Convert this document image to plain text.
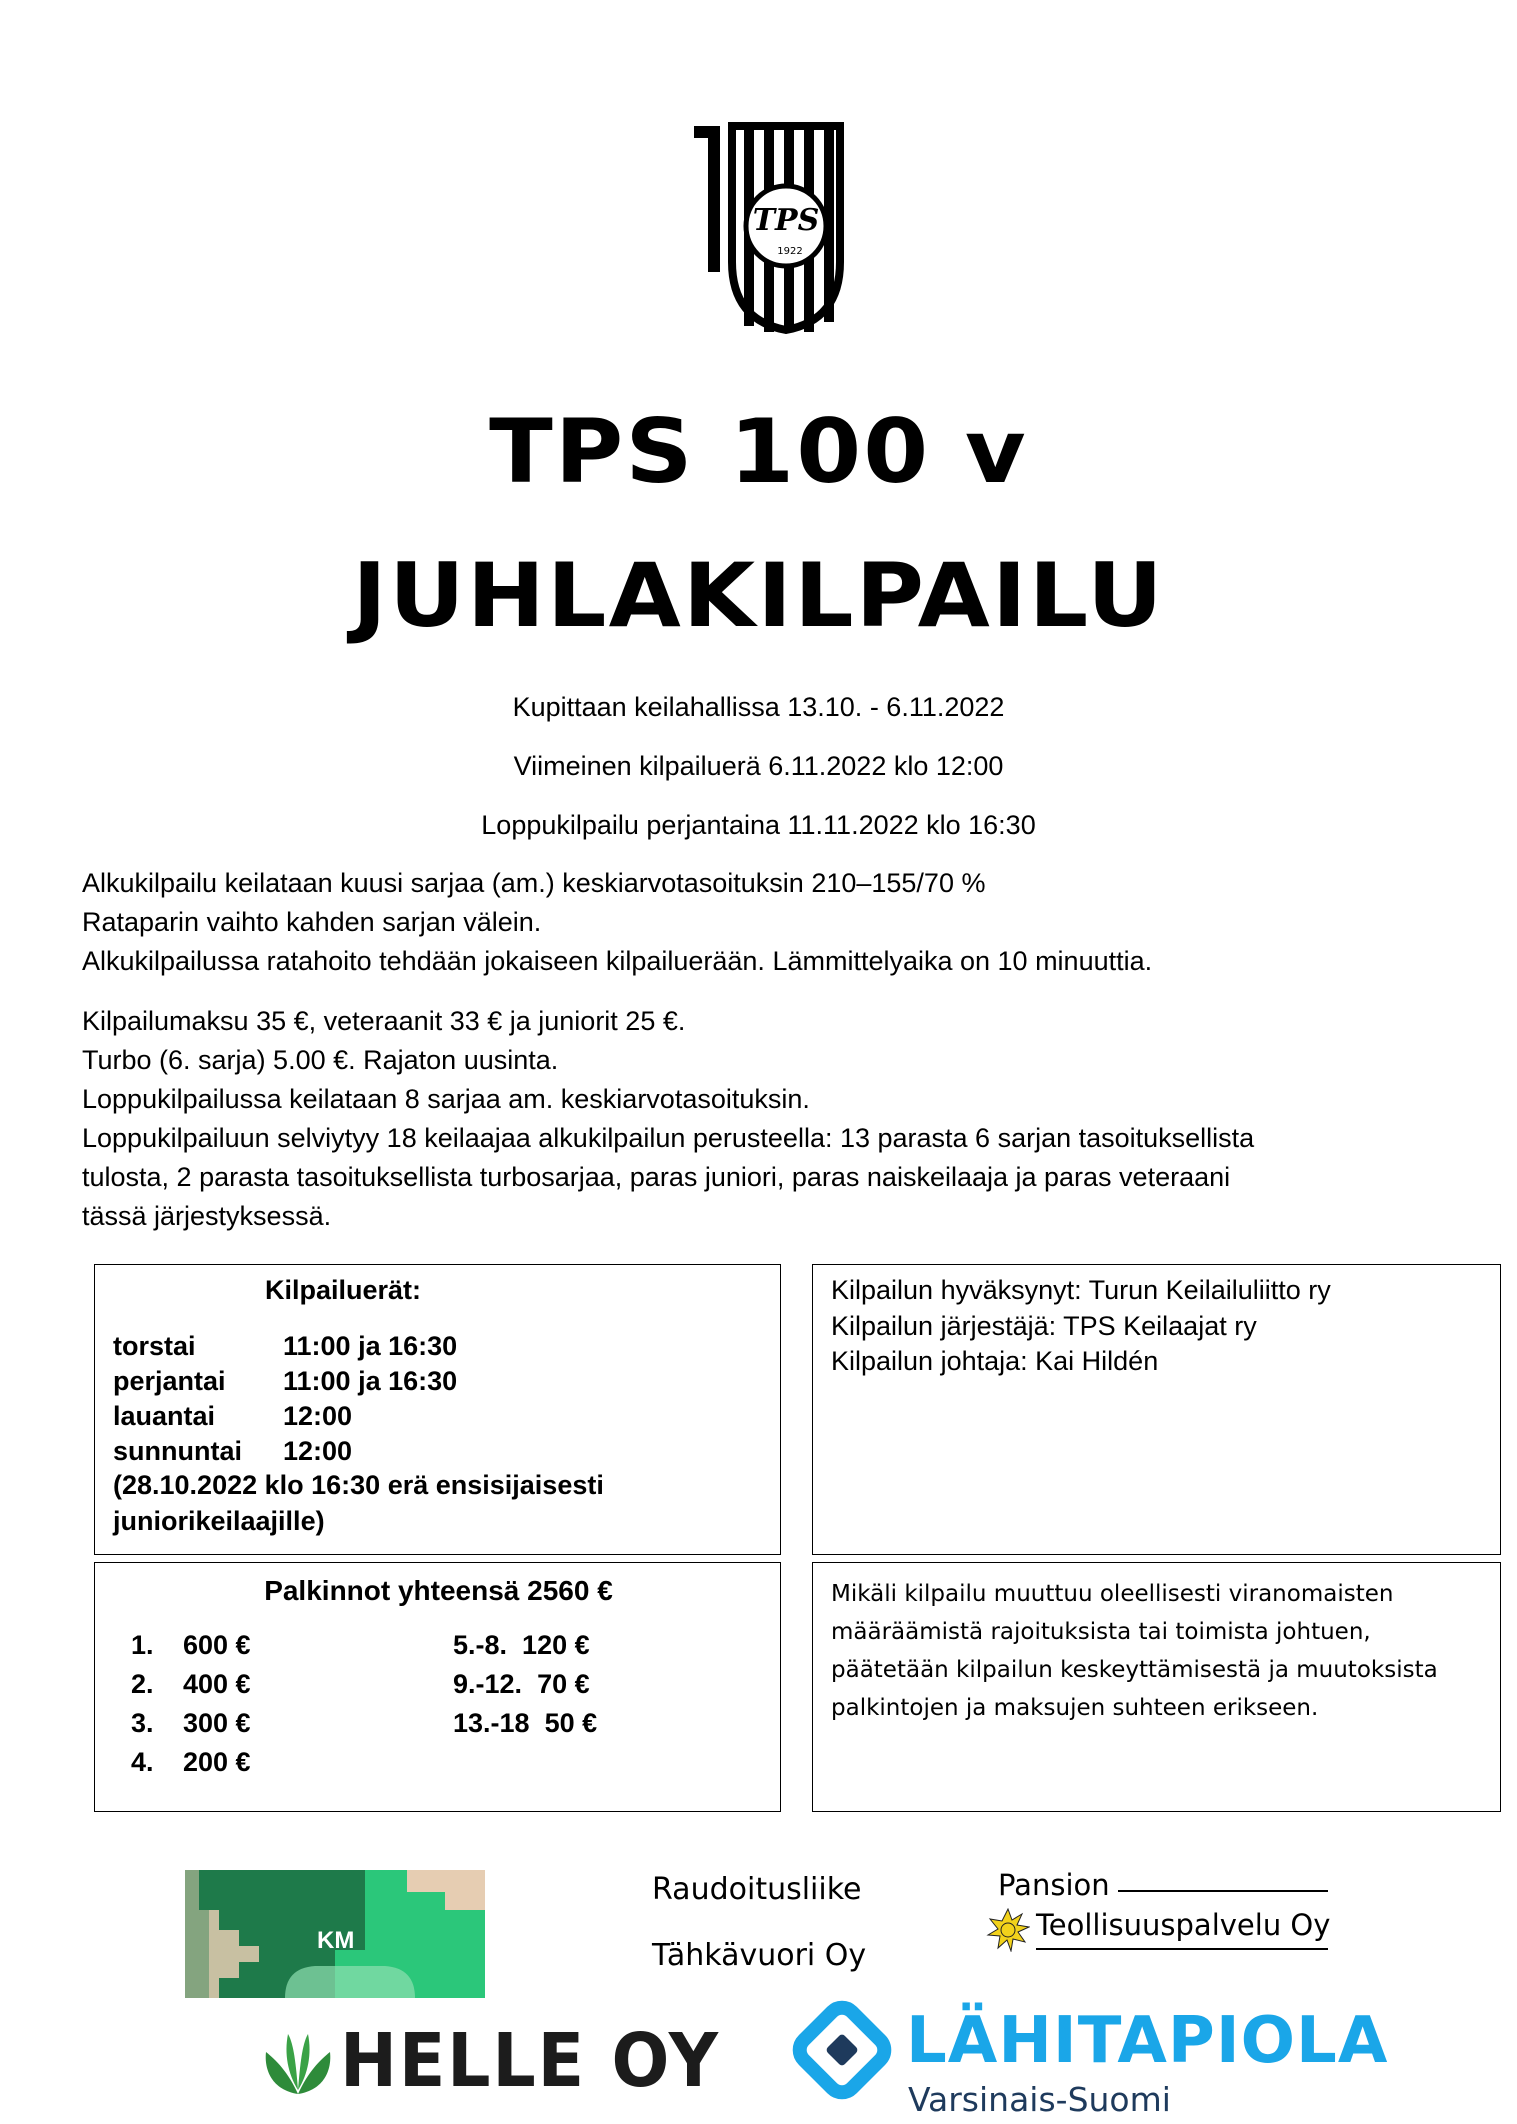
TPS
1922
TPS 100 v
JUHLAKILPAILU
Kupittaan keilahallissa 13.10. - 6.11.2022
Viimeinen kilpailuerä 6.11.2022 klo 12:00
Loppukilpailu perjantaina 11.11.2022 klo 16:30
Alkukilpailu keilataan kuusi sarjaa (am.) keskiarvotasoituksin 210–155/70 %
Rataparin vaihto kahden sarjan välein.
Alkukilpailussa ratahoito tehdään jokaiseen kilpailuerään. Lämmittelyaika on 10 minuuttia.
Kilpailumaksu 35 €, veteraanit 33 € ja juniorit 25 €.
Turbo (6. sarja) 5.00 €. Rajaton uusinta.
Loppukilpailussa keilataan 8 sarjaa am. keskiarvotasoituksin.
Loppukilpailuun selviytyy 18 keilaajaa alkukilpailun perusteella: 13 parasta 6 sarjan tasoituksellista
tulosta, 2 parasta tasoituksellista turbosarjaa, paras juniori, paras naiskeilaaja ja paras veteraani
tässä järjestyksessä.
Kilpailuerät:
torstai	11:00 ja 16:30
perjantai 11:00 ja 16:30
lauantai	12:00
sunnuntai 12:00
(28.10.2022 klo 16:30 erä ensisijaisesti
juniorikeilaajille)
Kilpailun hyväksynyt: Turun Keilailuliitto ry
Kilpailun järjestäjä: TPS Keilaajat ry
Kilpailun johtaja: Kai Hildén
Palkinnot yhteensä 2560 €
1. 600 €
2. 400 €
3. 300 €
4. 200 €
5.-8. 120 €
9.-12. 70 €
13.-18 50 €
Mikäli kilpailu muuttuu oleellisesti viranomaisten määräämistä rajoituksista tai toimista johtuen, päätetään kilpailun keskeyttämisestä ja muutoksista palkintojen ja maksujen suhteen erikseen.
KM
Raudoitusliike
Tähkävuori Oy
Pansion
Teollisuuspalvelu Oy
HELLE OY	LÄHITAPIOLA
Varsinais-Suomi
